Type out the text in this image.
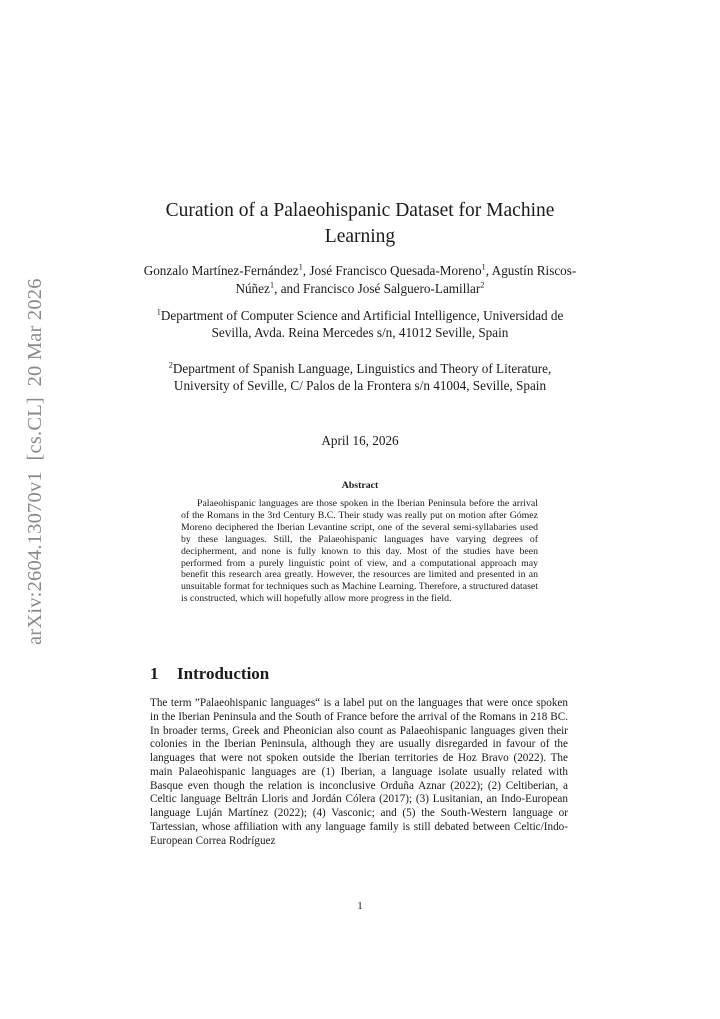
arXiv:2604.13070v1  [cs.CL]  20 Mar 2026
Curation of a Palaeohispanic Dataset for Machine Learning
Gonzalo Martínez-Fernández$^1$, José Francisco Quesada-Moreno$^1$, Agustín Riscos-Núñez$^1$, and Francisco José Salguero-Lamillar$^2$
$^1$Department of Computer Science and Artificial Intelligence, Universidad de Sevilla, Avda. Reina Mercedes s/n, 41012 Seville, Spain
$^2$Department of Spanish Language, Linguistics and Theory of Literature, University of Seville, C/ Palos de la Frontera s/n 41004, Seville, Spain
April 16, 2026
Abstract
Palaeohispanic languages are those spoken in the Iberian Peninsula before the arrival of the Romans in the 3rd Century B.C. Their study was really put on motion after Gómez Moreno deciphered the Iberian Levantine script, one of the several semi-syllabaries used by these languages. Still, the Palaeohispanic languages have varying degrees of decipherment, and none is fully known to this day. Most of the studies have been performed from a purely linguistic point of view, and a computational approach may benefit this research area greatly. However, the resources are limited and presented in an unsuitable format for techniques such as Machine Learning. Therefore, a structured dataset is constructed, which will hopefully allow more progress in the field.
1 Introduction
The term ”Palaeohispanic languages“ is a label put on the languages that were once spoken in the Iberian Peninsula and the South of France before the arrival of the Romans in 218 BC. In broader terms, Greek and Pheonician also count as Palaeohispanic languages given their colonies in the Iberian Peninsula, although they are usually disregarded in favour of the languages that were not spoken outside the Iberian territories de Hoz Bravo (2022). The main Palaeohispanic languages are (1) Iberian, a language isolate usually related with Basque even though the relation is inconclusive Orduña Aznar (2022); (2) Celtiberian, a Celtic language Beltrán Lloris and Jordán Cólera (2017); (3) Lusitanian, an Indo-European language Luján Martínez (2022); (4) Vasconic; and (5) the South-Western language or Tartessian, whose affiliation with any language family is still debated between Celtic/Indo-European Correa Rodríguez
1
